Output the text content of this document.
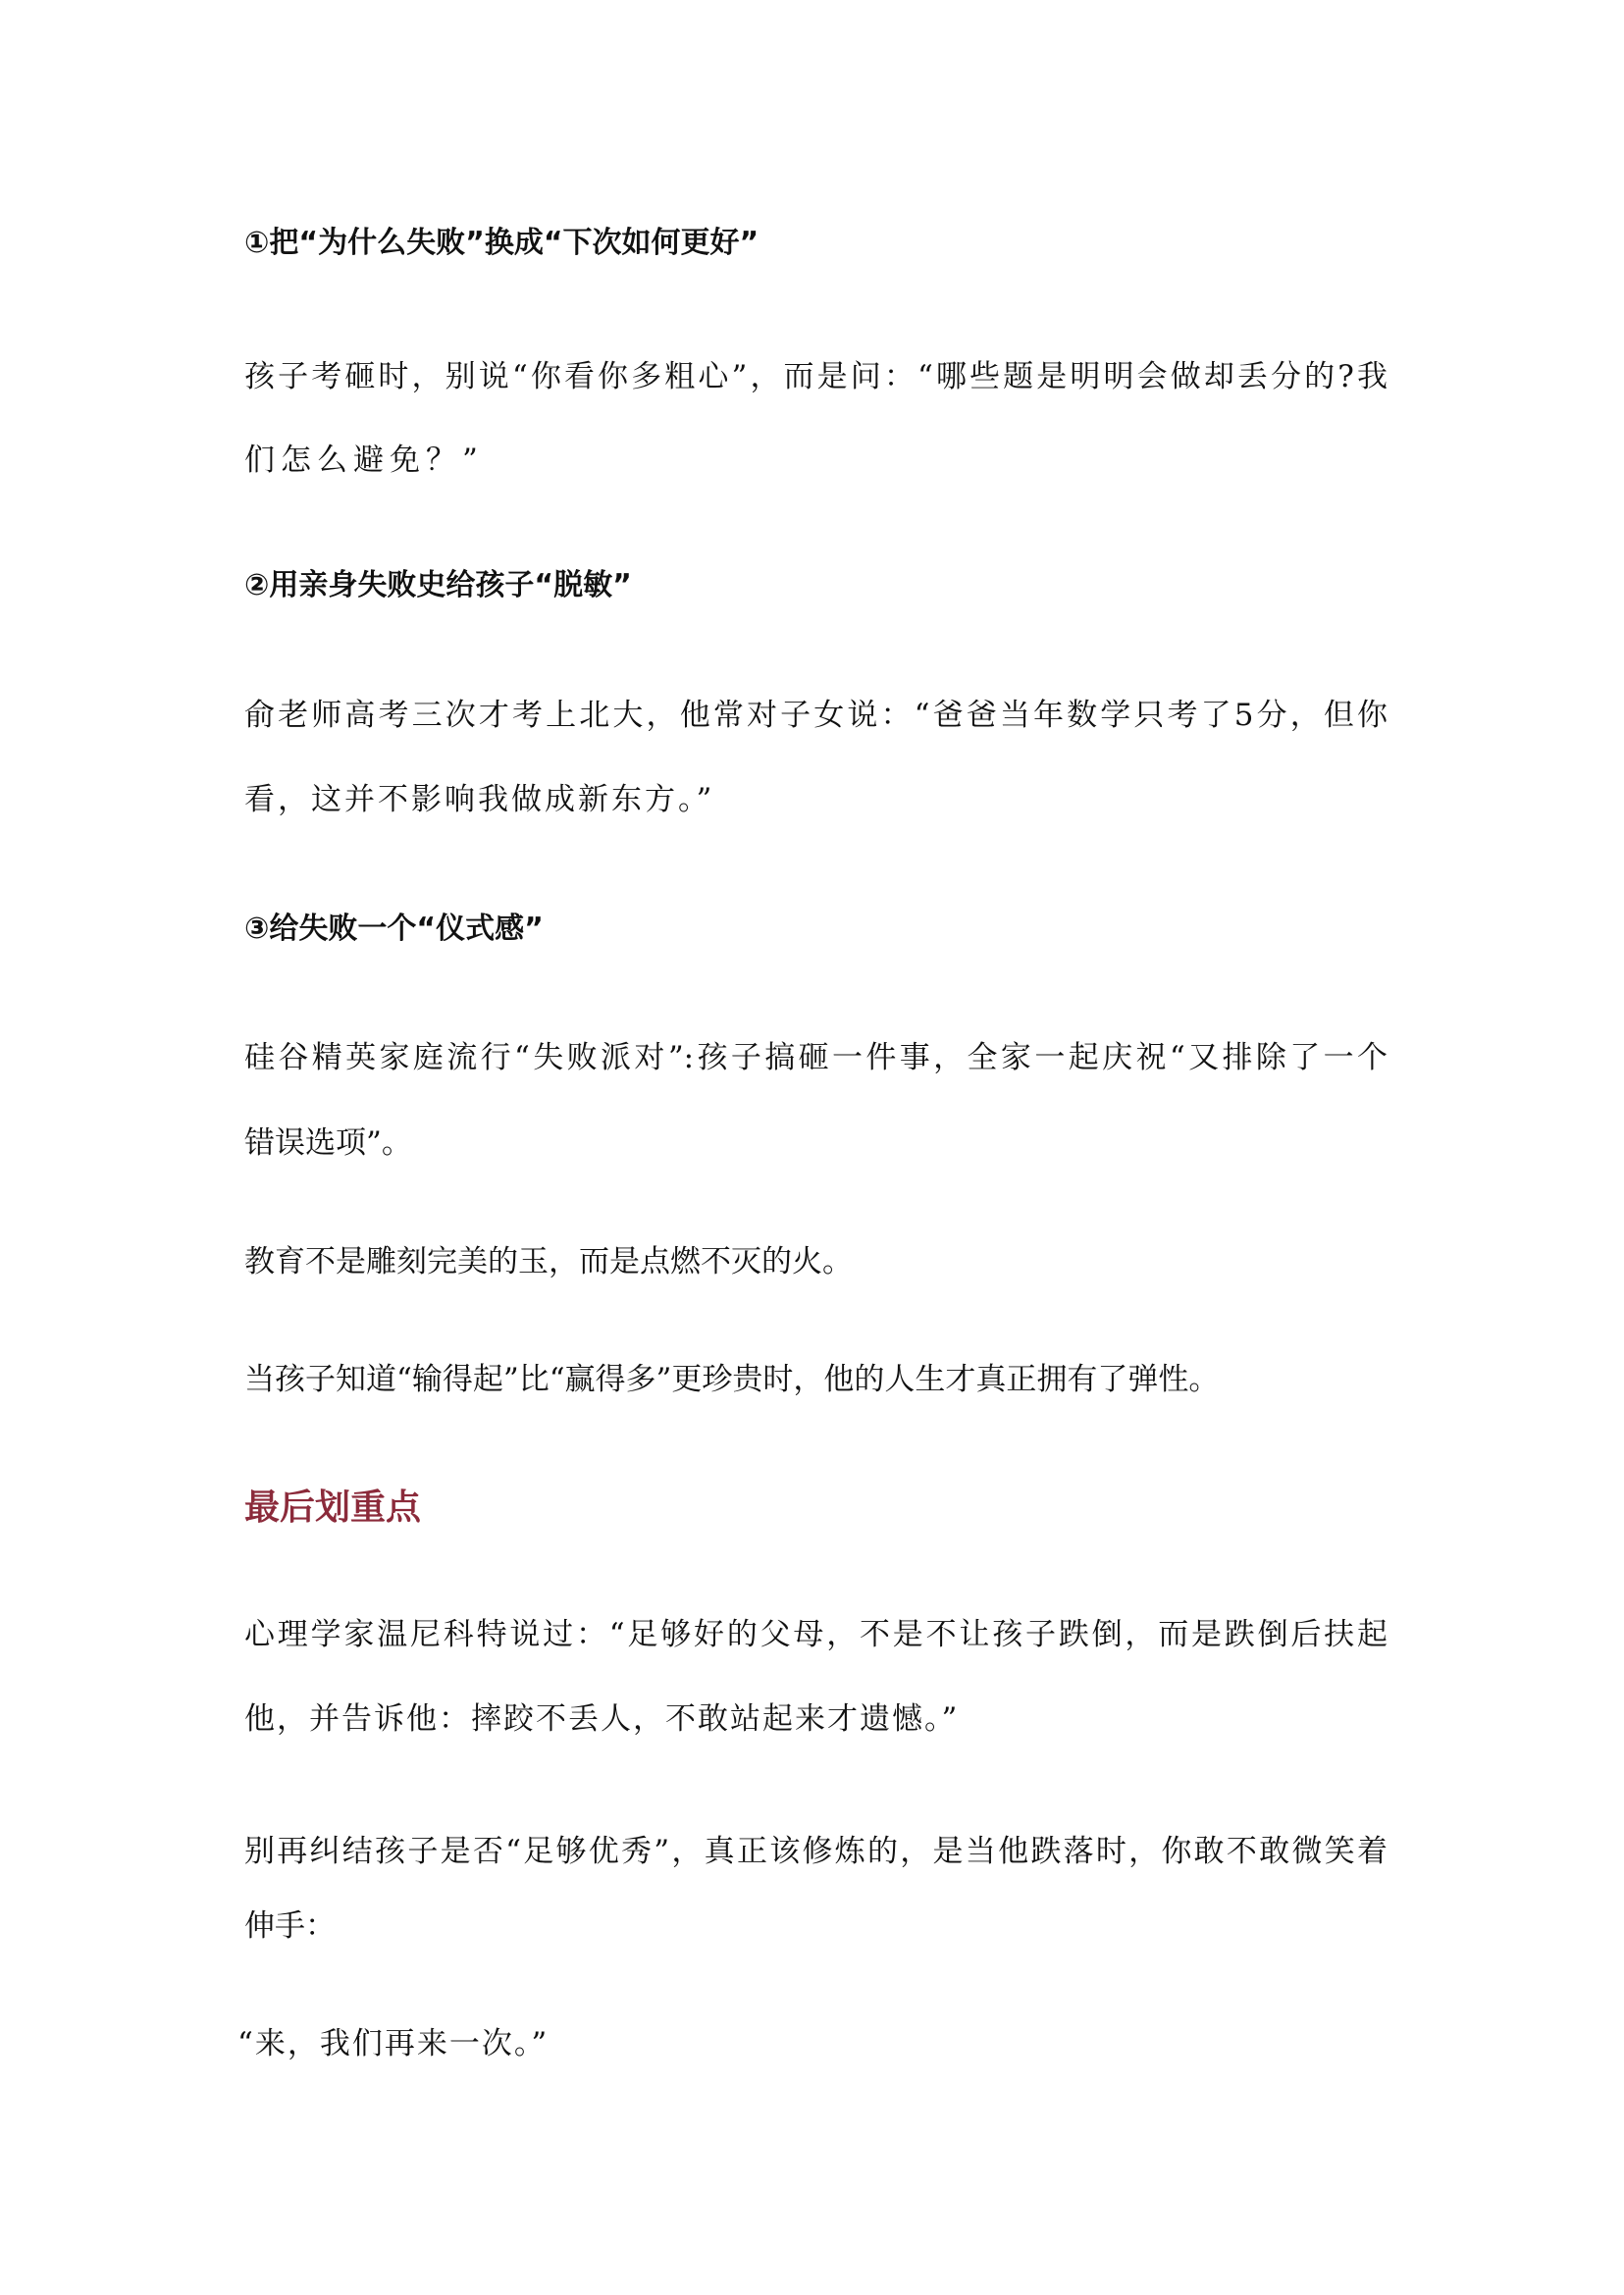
①把“为什么失败”换成“下次如何更好”
孩子考砸时，别说“你看你多粗心”，而是问：“哪些题是明明会做却丢分的?我
们怎么避免？”
②用亲身失败史给孩子“脱敏”
俞老师高考三次才考上北大，他常对子女说：“爸爸当年数学只考了5分，但你
看，这并不影响我做成新东方。”
③给失败一个“仪式感”
硅谷精英家庭流行“失败派对”:孩子搞砸一件事，全家一起庆祝“又排除了一个
错误选项”。
教育不是雕刻完美的玉，而是点燃不灭的火。
当孩子知道“输得起”比“赢得多”更珍贵时，他的人生才真正拥有了弹性。
最后划重点
心理学家温尼科特说过：“足够好的父母，不是不让孩子跌倒，而是跌倒后扶起
他，并告诉他：摔跤不丢人，不敢站起来才遗憾。”
别再纠结孩子是否“足够优秀”，真正该修炼的，是当他跌落时，你敢不敢微笑着
伸手：
“来，我们再来一次。”
